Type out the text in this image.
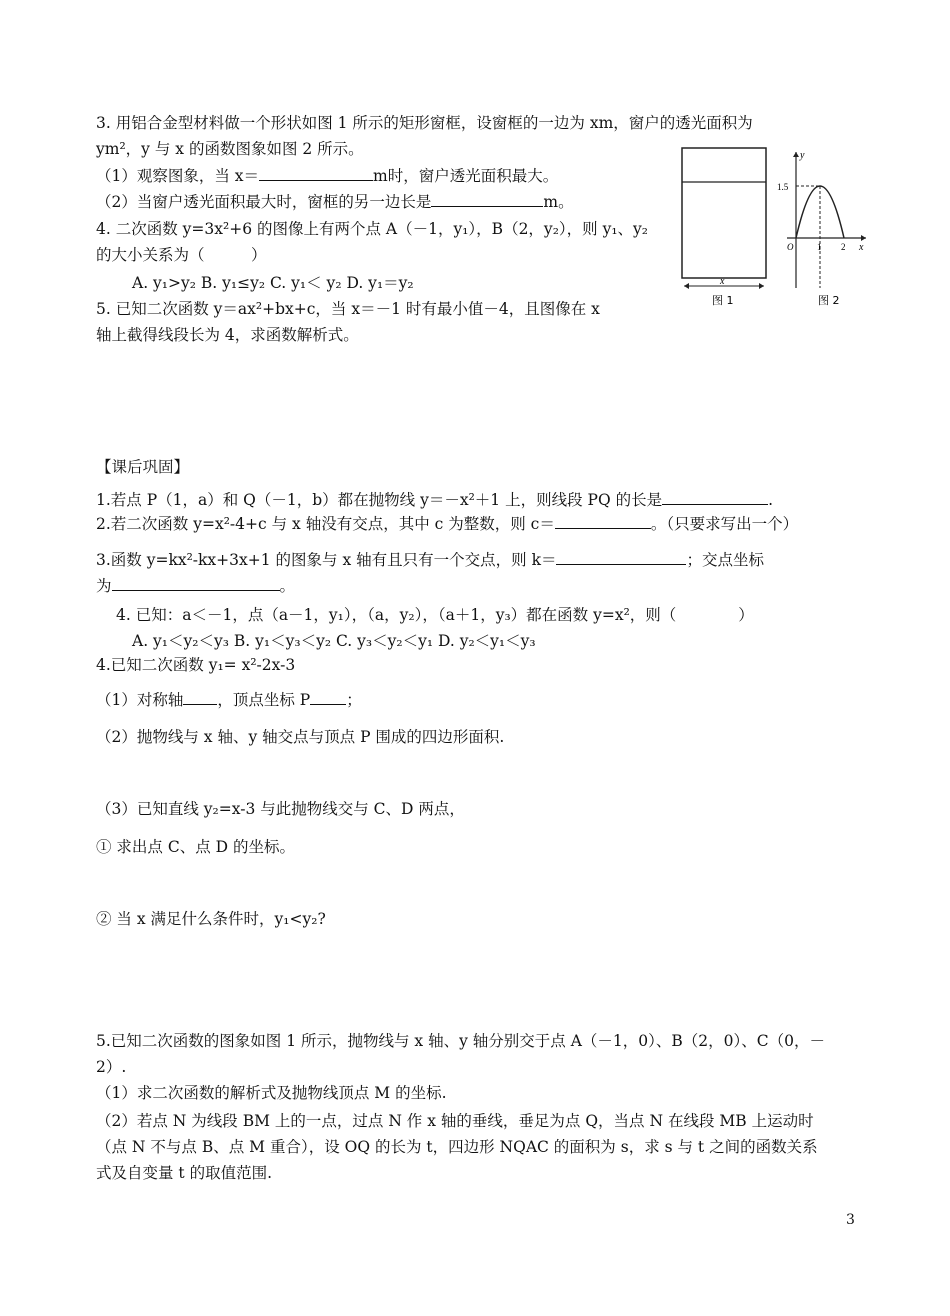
3. 用铝合金型材料做一个形状如图 1 所示的矩形窗框，设窗框的一边为 xm，窗户的透光面积为
ym²，y 与 x 的函数图象如图 2 所示。
（1）观察图象，当 x＝	m时，窗户透光面积最大。
（2）当窗户透光面积最大时，窗框的另一边长是	m。
x
图 1
1.5
O	1 2 x
y
图 2
4. 二次函数 y=3x²+6 的图像上有两个点 A（－1，y₁），B（2，y₂），则 y₁、y₂
的大小关系为（　　　）
A. y₁>y₂ B. y₁≤y₂ C. y₁＜ y₂ D. y₁＝y₂
5. 已知二次函数 y＝ax²+bx+c，当 x＝－1 时有最小值－4，且图像在 x
轴上截得线段长为 4，求函数解析式。
【课后巩固】
1.若点 P（1，a）和 Q（－1，b）都在抛物线 y＝－x²＋1 上，则线段 PQ 的长是	.
2.若二次函数 y=x²-4+c 与 x 轴没有交点，其中 c 为整数，则 c＝	。（只要求写出一个）
3.函数 y=kx²-kx+3x+1 的图象与 x 轴有且只有一个交点，则 k＝	；交点坐标
为	。
4. 已知：a＜－1，点（a－1，y₁），（a，y₂），（a＋1，y₃）都在函数 y=x²，则（　　　　）
A. y₁＜y₂＜y₃ B. y₁＜y₃＜y₂ C. y₃＜y₂＜y₁ D. y₂＜y₁＜y₃
4.已知二次函数 y₁= x²-2x-3
（1）对称轴 ，顶点坐标 P ；
（2）抛物线与 x 轴、y 轴交点与顶点 P 围成的四边形面积.
（3）已知直线 y₂=x-3 与此抛物线交与 C、D 两点，
① 求出点 C、点 D 的坐标。
② 当 x 满足什么条件时，y₁<y₂?
5.已知二次函数的图象如图 1 所示，抛物线与 x 轴、y 轴分别交于点 A（－1，0）、B（2，0）、C（0，－
2）.
（1）求二次函数的解析式及抛物线顶点 M 的坐标.
（2）若点 N 为线段 BM 上的一点，过点 N 作 x 轴的垂线，垂足为点 Q，当点 N 在线段 MB 上运动时
（点 N 不与点 B、点 M 重合），设 OQ 的长为 t，四边形 NQAC 的面积为 s，求 s 与 t 之间的函数关系
式及自变量 t 的取值范围.
3
